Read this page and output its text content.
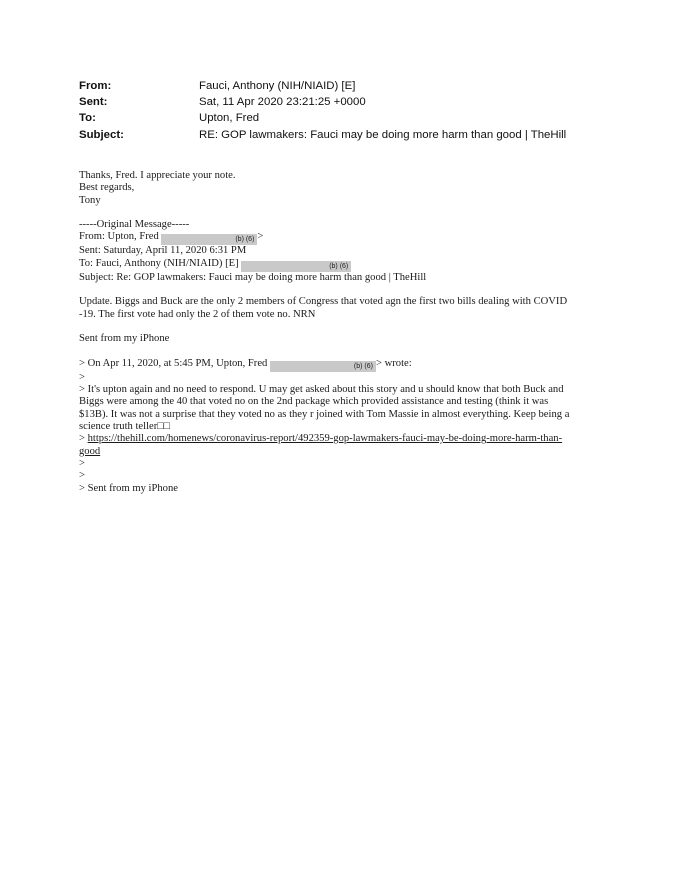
From:	Fauci, Anthony (NIH/NIAID) [E]
Sent:	Sat, 11 Apr 2020 23:21:25 +0000
To:	Upton, Fred
Subject:	RE: GOP lawmakers: Fauci may be doing more harm than good | TheHill
Thanks, Fred. I appreciate your note.
Best regards,
Tony
-----Original Message-----
From: Upton, Fred	(b) (6) >
Sent: Saturday, April 11, 2020 6:31 PM
To: Fauci, Anthony (NIH/NIAID) [E]	(b) (6)
Subject: Re: GOP lawmakers: Fauci may be doing more harm than good | TheHill
Update. Biggs and Buck are the only 2 members of Congress that voted agn the first two bills dealing with COVID
-19. The first vote had only the 2 of them vote no. NRN
Sent from my iPhone
> On Apr 11, 2020, at 5:45 PM, Upton, Fred	(b) (6) > wrote:
>
> It's upton again and no need to respond. U may get asked about this story and u should know that both Buck and
Biggs were among the 40 that voted no on the 2nd package which provided assistance and testing (think it was
$13B). It was not a surprise that they voted no as they r joined with Tom Massie in almost everything. Keep being a
science truth teller□□
> https://thehill.com/homenews/coronavirus-report/492359-gop-lawmakers-fauci-may-be-doing-more-harm-than-
good
>
>
> Sent from my iPhone
